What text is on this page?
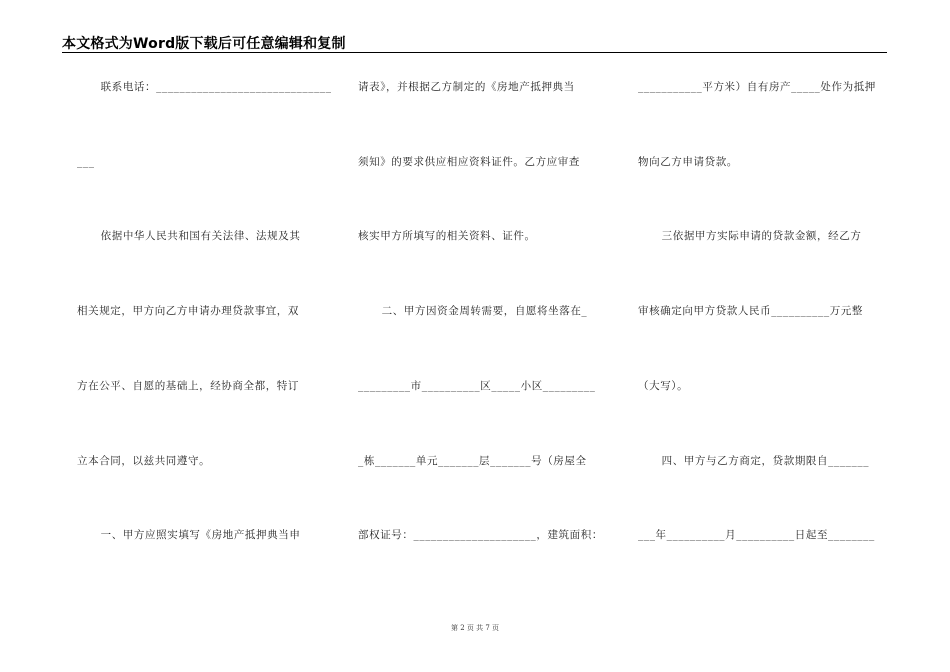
本文格式为Word版下载后可任意编辑和复制
联系电话：______________________________
___
依据中华人民共和国有关法律、法规及其
相关规定，甲方向乙方申请办理贷款事宜，双
方在公平、自愿的基础上，经协商全都，特订
立本合同，以兹共同遵守。
一、甲方应照实填写《房地产抵押典当申
请表》，并根据乙方制定的《房地产抵押典当
须知》的要求供应相应资料证件。乙方应审查
核实甲方所填写的相关资料、证件。
二、甲方因资金周转需要，自愿将坐落在_
_________市__________区_____小区_________
_栋_______单元_______层_______号（房屋全
部权证号：_____________________，建筑面积：
___________平方米）自有房产_____处作为抵押
物向乙方申请贷款。
三依据甲方实际申请的贷款金额，经乙方
审核确定向甲方贷款人民币__________万元整
（大写）。
四、甲方与乙方商定，贷款期限自_______
___年__________月__________日起至________
第 2 页 共 7 页
